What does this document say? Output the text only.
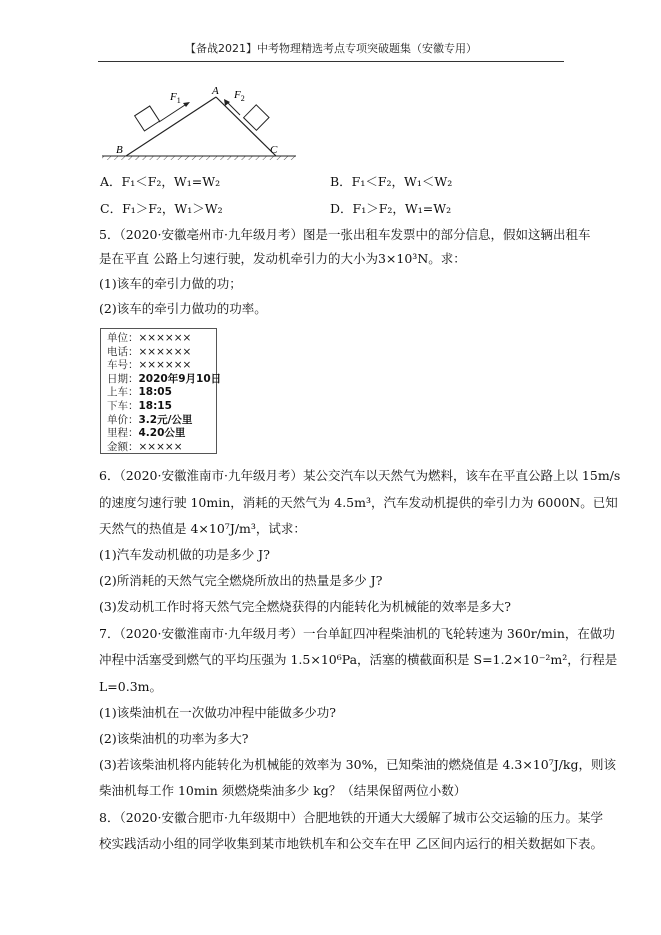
【备战2021】中考物理精选考点专项突破题集（安徽专用）
A
B	C
$F_1$	$F_2$
A．F₁＜F₂，W₁=W₂	B．F₁＜F₂，W₁＜W₂
C．F₁＞F₂，W₁＞W₂	D．F₁＞F₂，W₁=W₂
5．（2020·安徽亳州市·九年级月考）图是一张出租车发票中的部分信息，假如这辆出租车
是在平直 公路上匀速行驶，发动机牵引力的大小为3×10³N。求：
(1)该车的牵引力做的功；
(2)该车的牵引力做功的功率。
单位：××××××
电话：××××××
车号：××××××
日期：2020年9月10日
上车：18:05
下车：18:15
单价：3.2元/公里
里程：4.20公里
金额：×××××
6．（2020·安徽淮南市·九年级月考）某公交汽车以天然气为燃料，该车在平直公路上以 15m/s
的速度匀速行驶 10min，消耗的天然气为 4.5m³，汽车发动机提供的牵引力为 6000N。已知
天然气的热值是 4×10⁷J/m³，试求：
(1)汽车发动机做的功是多少 J?
(2)所消耗的天然气完全燃烧所放出的热量是多少 J?
(3)发动机工作时将天然气完全燃烧获得的内能转化为机械能的效率是多大?
7．（2020·安徽淮南市·九年级月考）一台单缸四冲程柴油机的飞轮转速为 360r/min，在做功
冲程中活塞受到燃气的平均压强为 1.5×10⁶Pa，活塞的横截面积是 S=1.2×10⁻²m²，行程是
L=0.3m。
(1)该柴油机在一次做功冲程中能做多少功?
(2)该柴油机的功率为多大?
(3)若该柴油机将内能转化为机械能的效率为 30%，已知柴油的燃烧值是 4.3×10⁷J/kg，则该
柴油机每工作 10min 须燃烧柴油多少 kg？（结果保留两位小数）
8．（2020·安徽合肥市·九年级期中）合肥地铁的开通大大缓解了城市公交运输的压力。某学
校实践活动小组的同学收集到某市地铁机车和公交车在甲 乙区间内运行的相关数据如下表。
